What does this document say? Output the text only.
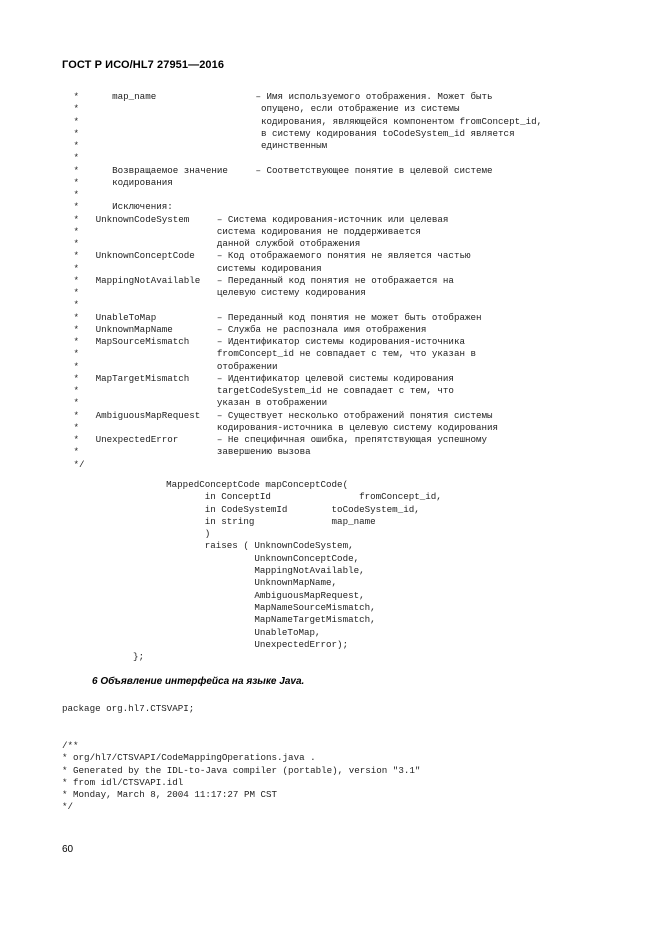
ГОСТ Р ИСО/HL7 27951—2016
*      map_name                  – Имя используемого отображения. Может быть
*                                 опущено, если отображение из системы
*                                 кодирования, являющейся компонентом fromConcept_id,
*                                 в систему кодирования toCodeSystem_id является
*                                 единственным
*
*      Возвращаемое значение     – Соответствующее понятие в целевой системе
*      кодирования
*
*      Исключения:
*   UnknownCodeSystem     – Система кодирования-источник или целевая
*                         система кодирования не поддерживается
*                         данной службой отображения
*   UnknownConceptCode    – Код отображаемого понятия не является частью
*                         системы кодирования
*   MappingNotAvailable   – Переданный код понятия не отображается на
*                         целевую систему кодирования
*
*   UnableToMap           – Переданный код понятия не может быть отображен
*   UnknownMapName        – Служба не распознала имя отображения
*   MapSourceMismatch     – Идентификатор системы кодирования-источника
*                         fromConcept_id не совпадает с тем, что указан в
*                         отображении
*   MapTargetMismatch     – Идентификатор целевой системы кодирования
*                         targetCodeSystem_id не совпадает с тем, что
*                         указан в отображении
*   AmbiguousMapRequest   – Существует несколько отображений понятия системы
*                         кодирования-источника в целевую систему кодирования
*   UnexpectedError       – Не специфичная ошибка, препятствующая успешному
*                         завершению вызова
*/
MappedConceptCode mapConceptCode(
in ConceptId                fromConcept_id,
in CodeSystemId        toCodeSystem_id,
in string              map_name
)
raises ( UnknownCodeSystem,
UnknownConceptCode,
MappingNotAvailable,
UnknownMapName,
AmbiguousMapRequest,
MapNameSourceMismatch,
MapNameTargetMismatch,
UnableToMap,
UnexpectedError);
};
6 Объявление интерфейса на языке Java.
package org.hl7.CTSVAPI;
/**
* org/hl7/CTSVAPI/CodeMappingOperations.java .
* Generated by the IDL-to-Java compiler (portable), version "3.1"
* from idl/CTSVAPI.idl
* Monday, March 8, 2004 11:17:27 PM CST
*/
60
